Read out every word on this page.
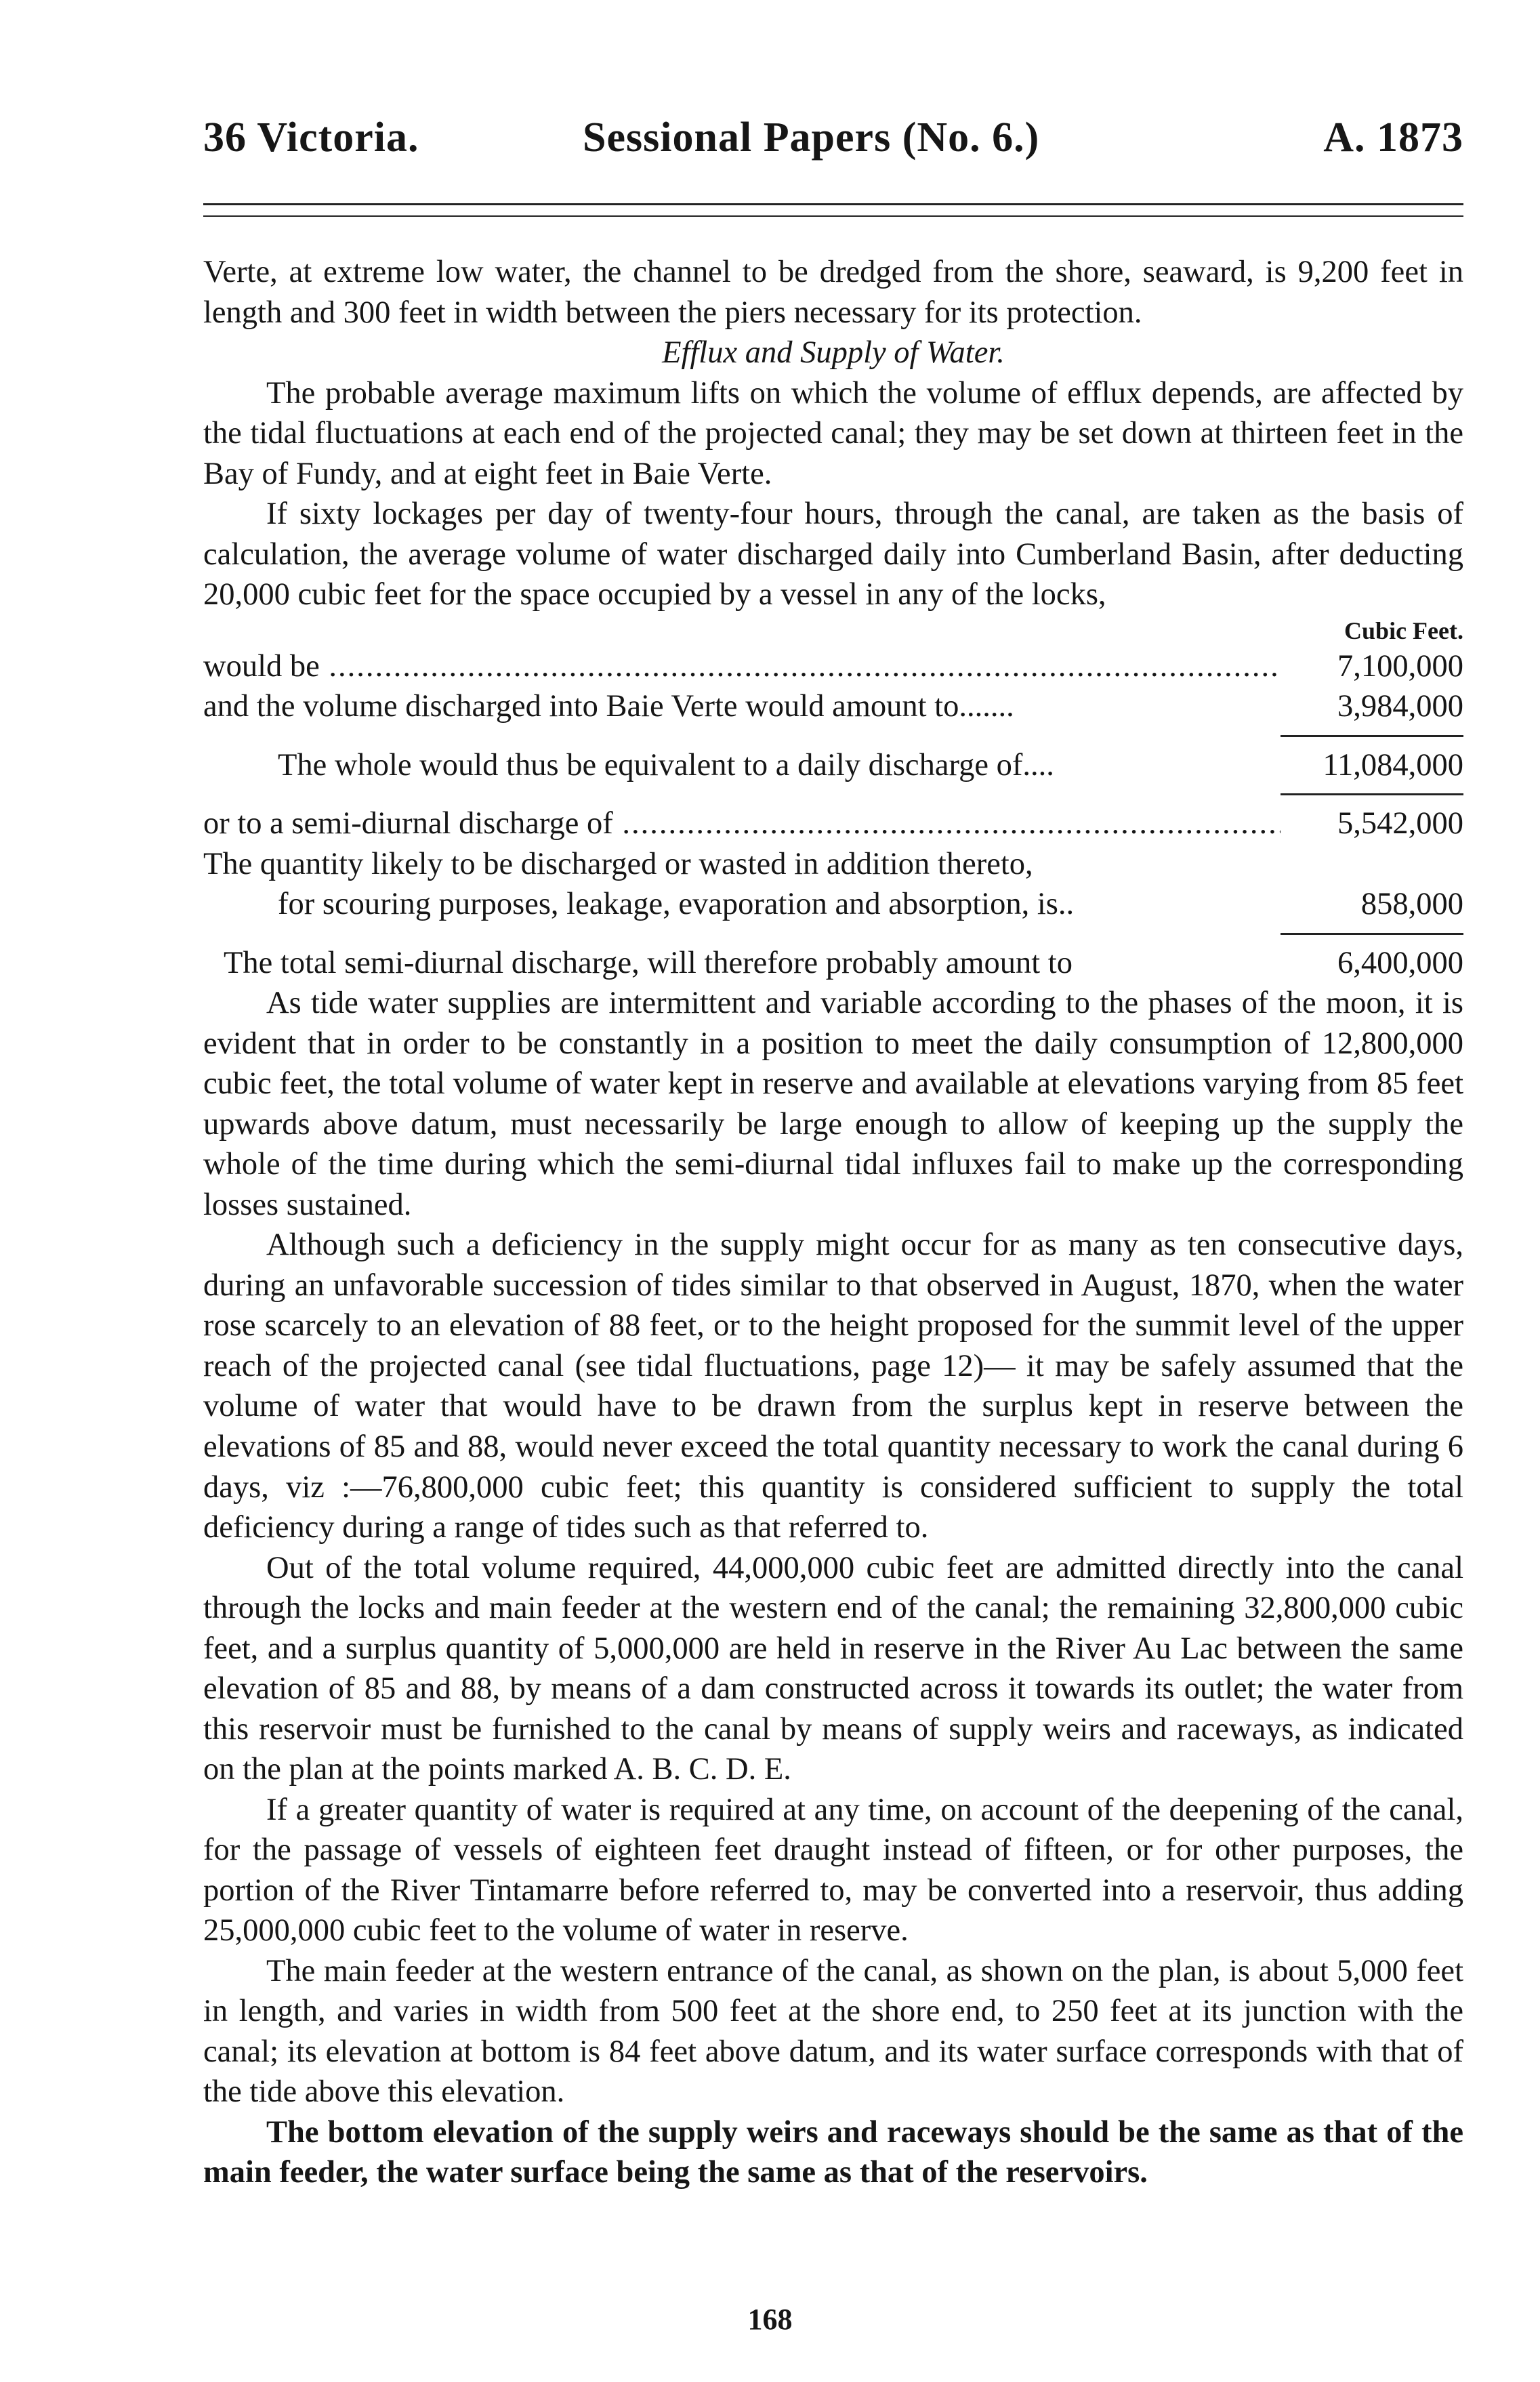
36 Victoria.	Sessional Papers (No. 6.)	A. 1873

Verte, at extreme low water, the channel to be dredged from the shore, seaward, is 9,200 feet in length and 300 feet in width between the piers necessary for its protection.

Efflux and Supply of Water.

The probable average maximum lifts on which the volume of efflux depends, are affected by the tidal fluctuations at each end of the projected canal; they may be set down at thirteen feet in the Bay of Fundy, and at eight feet in Baie Verte.

If sixty lockages per day of twenty-four hours, through the canal, are taken as the basis of calculation, the average volume of water discharged daily into Cumberland Basin, after deducting 20,000 cubic feet for the space occupied by a vessel in any of the locks,

Cubic Feet.
would be .....	7,100,000
and the volume discharged into Baie Verte would amount to.......	3,984,000
The whole would thus be equivalent to a daily discharge of....	11,084,000
or to a semi-diurnal discharge of .....	5,542,000
The quantity likely to be discharged or wasted in addition thereto,
for scouring purposes, leakage, evaporation and absorption, is..	858,000
The total semi-diurnal discharge, will therefore probably amount to	6,400,000

As tide water supplies are intermittent and variable according to the phases of the moon, it is evident that in order to be constantly in a position to meet the daily consumption of 12,800,000 cubic feet, the total volume of water kept in reserve and available at elevations varying from 85 feet upwards above datum, must necessarily be large enough to allow of keeping up the supply the whole of the time during which the semi-diurnal tidal influxes fail to make up the corresponding losses sustained.

Although such a deficiency in the supply might occur for as many as ten consecutive days, during an unfavorable succession of tides similar to that observed in August, 1870, when the water rose scarcely to an elevation of 88 feet, or to the height proposed for the summit level of the upper reach of the projected canal (see tidal fluctuations, page 12)— it may be safely assumed that the volume of water that would have to be drawn from the surplus kept in reserve between the elevations of 85 and 88, would never exceed the total quantity necessary to work the canal during 6 days, viz :—76,800,000 cubic feet; this quantity is considered sufficient to supply the total deficiency during a range of tides such as that referred to.

Out of the total volume required, 44,000,000 cubic feet are admitted directly into the canal through the locks and main feeder at the western end of the canal; the remaining 32,800,000 cubic feet, and a surplus quantity of 5,000,000 are held in reserve in the River Au Lac between the same elevation of 85 and 88, by means of a dam constructed across it towards its outlet; the water from this reservoir must be furnished to the canal by means of supply weirs and raceways, as indicated on the plan at the points marked A. B. C. D. E.

If a greater quantity of water is required at any time, on account of the deepening of the canal, for the passage of vessels of eighteen feet draught instead of fifteen, or for other purposes, the portion of the River Tintamarre before referred to, may be converted into a reservoir, thus adding 25,000,000 cubic feet to the volume of water in reserve.

The main feeder at the western entrance of the canal, as shown on the plan, is about 5,000 feet in length, and varies in width from 500 feet at the shore end, to 250 feet at its junction with the canal; its elevation at bottom is 84 feet above datum, and its water surface corresponds with that of the tide above this elevation.

The bottom elevation of the supply weirs and raceways should be the same as that of the main feeder, the water surface being the same as that of the reservoirs.

168
